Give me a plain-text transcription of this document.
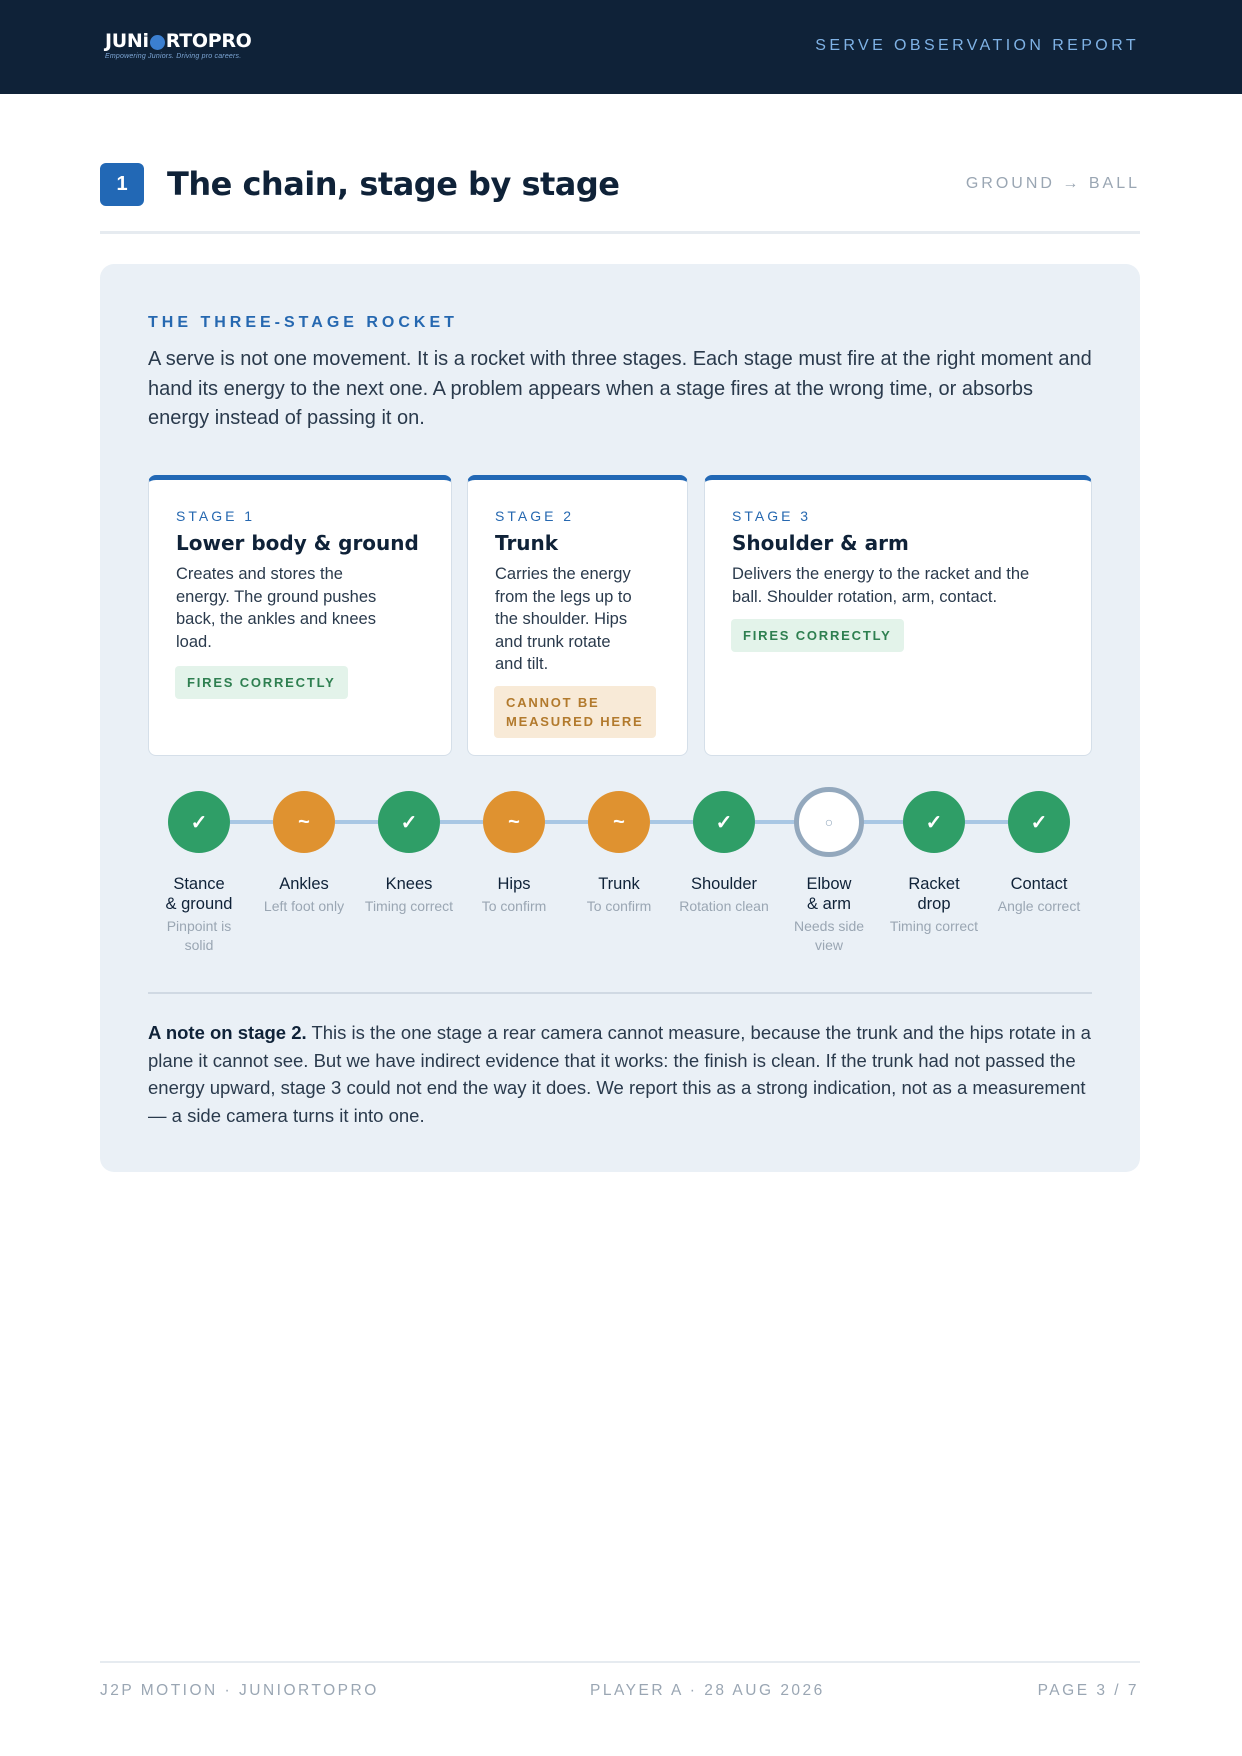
JUNi RTOPRO
Empowering Juniors. Driving pro careers.
SERVE OBSERVATION REPORT
1	The chain, stage by stage	GROUND → BALL
THE THREE-STAGE ROCKET
A serve is not one movement. It is a rocket with three stages. Each stage must fire at the right moment and hand its energy to the next one. A problem appears when a stage fires at the wrong time, or absorbs energy instead of passing it on.
STAGE 1
Lower body & ground
Creates and stores the
energy. The ground pushes
back, the ankles and knees
load.
FIRES CORRECTLY
STAGE 2
Trunk
Carries the energy
from the legs up to
the shoulder. Hips
and trunk rotate
and tilt.
CANNOT BE
MEASURED HERE
STAGE 3
Shoulder & arm
Delivers the energy to the racket and the
ball. Shoulder rotation, arm, contact.
FIRES CORRECTLY
✓
Stance
& ground
Pinpoint is
solid
~
Ankles
Left foot only
✓
Knees
Timing correct
~
Hips
To confirm
~
Trunk
To confirm
✓
Shoulder
Rotation clean
○
Elbow
& arm
Needs side
view
✓
Racket
drop
Timing correct
✓
Contact
Angle correct
A note on stage 2. This is the one stage a rear camera cannot measure, because the trunk and the hips rotate in a plane it cannot see. But we have indirect evidence that it works: the finish is clean. If the trunk had not passed the energy upward, stage 3 could not end the way it does. We report this as a strong indication, not as a measurement — a side camera turns it into one.
J2P MOTION · JUNIORTOPRO	PLAYER A · 28 AUG 2026	PAGE 3 / 7
